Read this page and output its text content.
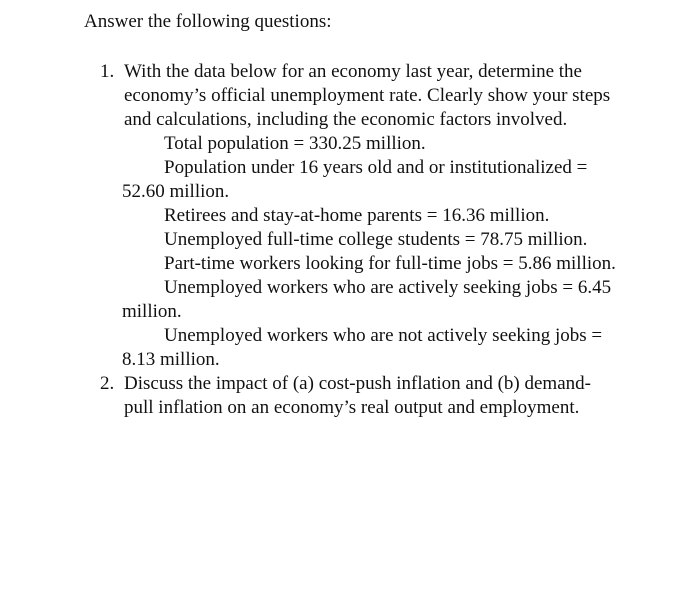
Answer the following questions:

1. With the data below for an economy last year, determine the economy’s official unemployment rate. Clearly show your steps and calculations, including the economic factors involved.
Total population = 330.25 million.
Population under 16 years old and or institutionalized = 52.60 million.
Retirees and stay-at-home parents = 16.36 million.
Unemployed full-time college students = 78.75 million.
Part-time workers looking for full-time jobs = 5.86 million.
Unemployed workers who are actively seeking jobs = 6.45 million.
Unemployed workers who are not actively seeking jobs = 8.13 million.
2. Discuss the impact of (a) cost-push inflation and (b) demand-pull inflation on an economy’s real output and employment.
